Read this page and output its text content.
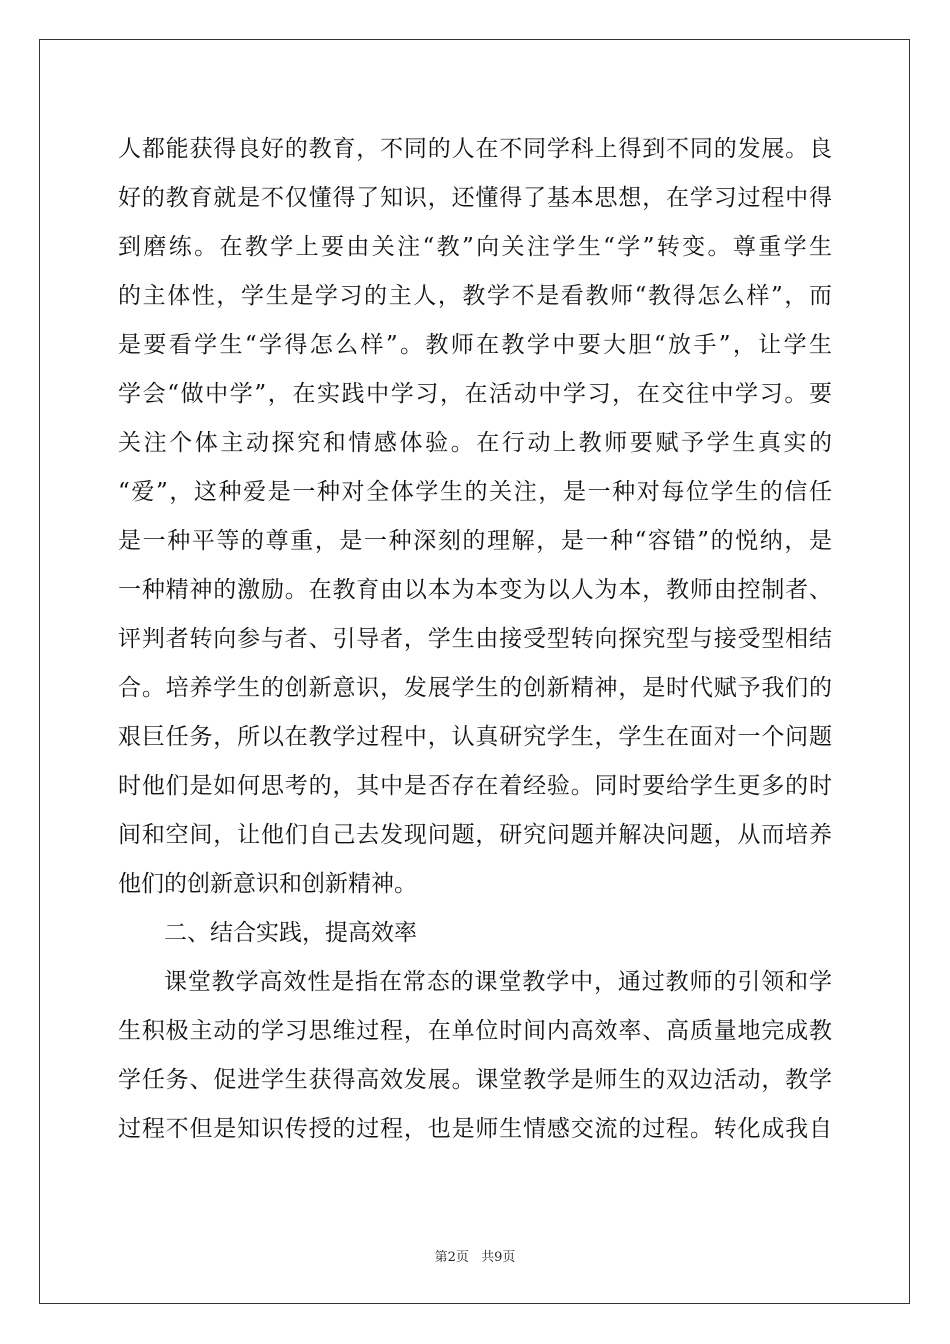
人都能获得良好的教育，不同的人在不同学科上得到不同的发展。良
好的教育就是不仅懂得了知识，还懂得了基本思想，在学习过程中得
到磨练。在教学上要由关注“教”向关注学生“学”转变。尊重学生
的主体性，学生是学习的主人，教学不是看教师“教得怎么样”，而
是要看学生“学得怎么样”。教师在教学中要大胆“放手”，让学生
学会“做中学”，在实践中学习，在活动中学习，在交往中学习。要
关注个体主动探究和情感体验。在行动上教师要赋予学生真实的
“爱”，这种爱是一种对全体学生的关注，是一种对每位学生的信任
是一种平等的尊重，是一种深刻的理解，是一种“容错”的悦纳，是
一种精神的激励。在教育由以本为本变为以人为本，教师由控制者、
评判者转向参与者、引导者，学生由接受型转向探究型与接受型相结
合。培养学生的创新意识，发展学生的创新精神，是时代赋予我们的
艰巨任务，所以在教学过程中，认真研究学生，学生在面对一个问题
时他们是如何思考的，其中是否存在着经验。同时要给学生更多的时
间和空间，让他们自己去发现问题，研究问题并解决问题，从而培养
他们的创新意识和创新精神。
二、结合实践，提高效率
课堂教学高效性是指在常态的课堂教学中，通过教师的引领和学
生积极主动的学习思维过程，在单位时间内高效率、高质量地完成教
学任务、促进学生获得高效发展。课堂教学是师生的双边活动，教学
过程不但是知识传授的过程，也是师生情感交流的过程。转化成我自
第2页 共9页
